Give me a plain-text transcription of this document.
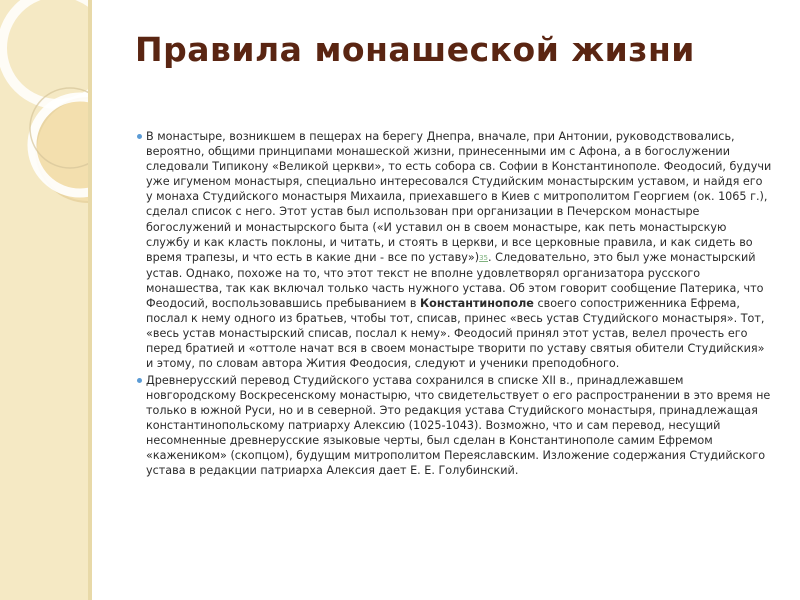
Правила монашеской жизни
В монастыре, возникшем в пещерах на берегу Днепра, вначале, при Антонии, руководствовались, вероятно, общими принципами монашеской жизни, принесенными им с Афона, а в богослужении следовали Типикону «Великой церкви», то есть собора св. Софии в Константинополе. Феодосий, будучи уже игуменом монастыря, специально интересовался Студийским монастырским уставом, и найдя его у монаха Студийского монастыря Михаила, приехавшего в Киев с митрополитом Георгием (ок. 1065 г.), сделал список с него. Этот устав был использован при организации в Печерском монастыре богослужений и монастырского быта («И уставил он в своем монастыре, как петь монастырскую службу и как класть поклоны, и читать, и стоять в церкви, и все церковные правила, и как сидеть во время трапезы, и что есть в какие дни - все по уставу»)35. Следовательно, это был уже монастырский устав. Однако, похоже на то, что этот текст не вполне удовлетворял организатора русского монашества, так как включал только часть нужного устава. Об этом говорит сообщение Патерика, что Феодосий, воспользовавшись пребыванием в Константинополе своего сопостриженника Ефрема, послал к нему одного из братьев, чтобы тот, списав, принес «весь устав Студийского монастыря». Тот, «весь устав монастырский списав, послал к нему». Феодосий принял этот устав, велел прочесть его перед братией и «оттоле начат вся в своем монастыре творити по уставу святыя обители Студийския» и этому, по словам автора Жития Феодосия, следуют и ученики преподобного.
Древнерусский перевод Студийского устава сохранился в списке XII в., принадлежавшем новгородскому Воскресенскому монастырю, что свидетельствует о его распространении в это время не только в южной Руси, но и в северной. Это редакция устава Студийского монастыря, принадлежащая константинопольскому патриарху Алексию (1025-1043). Возможно, что и сам перевод, несущий несомненные древнерусские языковые черты, был сделан в Константинополе самим Ефремом «кажеником» (скопцом), будущим митрополитом Переяславским. Изложение содержания Студийского устава в редакции патриарха Алексия дает Е. Е. Голубинский.
